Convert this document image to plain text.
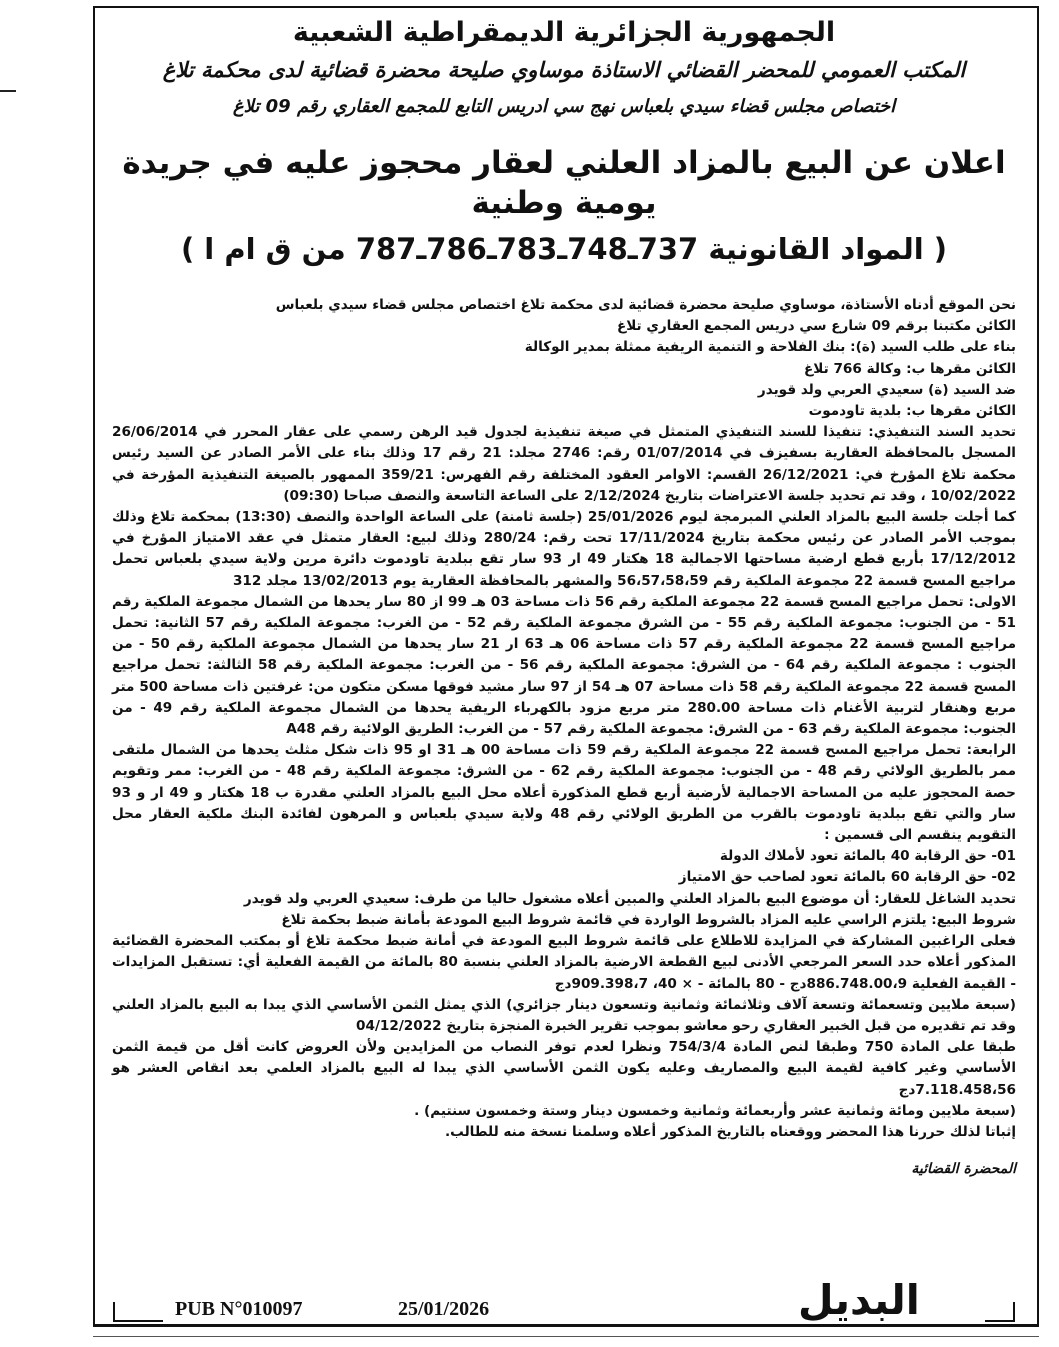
الجمهورية الجزائرية الديمقراطية الشعبية

المكتب العمومي للمحضر القضائي الاستاذة موساوي صليحة محضرة قضائية لدى محكمة تلاغ

اختصاص مجلس قضاء سيدي بلعباس نهج سي ادريس التابع للمجمع العقاري رقم 09 تلاغ

اعلان عن البيع بالمزاد العلني لعقار محجوز عليه في جريدة يومية وطنية

( المواد القانونية 737ـ748ـ783ـ786ـ787 من ق ام ا )

نحن الموقع أدناه الأستاذة، موساوي صليحة محضرة قضائية لدى محكمة تلاغ اختصاص مجلس قضاء سيدي بلعباس

الكائن مكتبنا برقم 09 شارع سي دريس المجمع العقاري تلاغ

بناء على طلب السيد (ة): بنك الفلاحة و التنمية الريفية ممثلة بمدير الوكالة

الكائن مقرها ب: وكالة 766 تلاغ

ضد السيد (ة) سعيدي العربي ولد قويدر

الكائن مقرها ب: بلدية تاودموت

تحديد السند التنفيذي: تنفيذا للسند التنفيذي المتمثل في صيغة تنفيذية لجدول قيد الرهن رسمي على عقار المحرر في 26/06/2014 المسجل بالمحافظة العقارية بسفيزف في 01/07/2014 رقم: 2746 مجلد: 21 رقم 17 وذلك بناء على الأمر الصادر عن السيد رئيس محكمة تلاغ المؤرخ في: 26/12/2021 القسم: الاوامر العقود المختلفة رقم الفهرس: 359/21 الممهور بالصيغة التنفيذية المؤرخة في 10/02/2022 ، وقد تم تحديد جلسة الاعتراضات بتاريخ 2/12/2024 على الساعة التاسعة والنصف صباحا (09:30)

كما أجلت جلسة البيع بالمزاد العلني المبرمجة ليوم 25/01/2026 (جلسة ثامنة) على الساعة الواحدة والنصف (13:30) بمحكمة تلاغ وذلك بموجب الأمر الصادر عن رئيس محكمة بتاريخ 17/11/2024 تحت رقم: 280/24 وذلك لبيع: العقار متمثل في عقد الامتياز المؤرخ في 17/12/2012 بأربع قطع ارضية مساحتها الاجمالية 18 هكتار 49 ار 93 سار تقع ببلدية تاودموت دائرة مرين ولاية سيدي بلعباس تحمل مراجيع المسح قسمة 22 مجموعة الملكية رقم 56،57،58،59 والمشهر بالمحافظة العقارية يوم 13/02/2013 مجلد 312

الاولى: تحمل مراجيع المسح قسمة 22 مجموعة الملكية رقم 56 ذات مساحة 03 هـ 99 از 80 سار يحدها من الشمال مجموعة الملكية رقم 51 - من الجنوب: مجموعة الملكية رقم 55 - من الشرق مجموعة الملكية رقم 52 - من الغرب: مجموعة الملكية رقم 57 الثانية: تحمل مراجيع المسح قسمة 22 مجموعة الملكية رقم 57 ذات مساحة 06 هـ 63 ار 21 سار يحدها من الشمال مجموعة الملكية رقم 50 - من الجنوب : مجموعة الملكية رقم 64 - من الشرق: مجموعة الملكية رقم 56 - من الغرب: مجموعة الملكية رقم 58 الثالثة: تحمل مراجيع المسح قسمة 22 مجموعة الملكية رقم 58 ذات مساحة 07 هـ 54 از 97 سار مشيد فوقها مسكن متكون من: غرفتين ذات مساحة 500 متر مربع وهنقار لتربية الأغنام ذات مساحة 280.00 متر مربع مزود بالكهرباء الريفية يحدها من الشمال مجموعة الملكية رقم 49 - من الجنوب: مجموعة الملكية رقم 63 - من الشرق: مجموعة الملكية رقم 57 - من الغرب: الطريق الولائية رقم A48

الرابعة: تحمل مراجيع المسح قسمة 22 مجموعة الملكية رقم 59 ذات مساحة 00 هـ 31 او 95 ذات شكل مثلث يحدها من الشمال ملتقى ممر بالطريق الولائي رقم 48 - من الجنوب: مجموعة الملكية رقم 62 - من الشرق: مجموعة الملكية رقم 48 - من الغرب: ممر وتقويم حصة المحجوز عليه من المساحة الاجمالية لأرضية أربع قطع المذكورة أعلاه محل البيع بالمزاد العلني مقدرة ب 18 هكتار و 49 ار و 93 سار والتي تقع ببلدية تاودموت بالقرب من الطريق الولائي رقم 48 ولاية سيدي بلعباس و المرهون لفائدة البنك ملكية العقار محل التقويم ينقسم الى قسمين :

01- حق الرقابة 40 بالمائة تعود لأملاك الدولة

02- حق الرقابة 60 بالمائة تعود لصاحب حق الامتياز

تحديد الشاغل للعقار: أن موضوع البيع بالمزاد العلني والمبين أعلاه مشغول حاليا من طرف: سعيدي العربي ولد قويدر

شروط البيع: يلتزم الراسي عليه المزاد بالشروط الواردة في قائمة شروط البيع المودعة بأمانة ضبط بحكمة تلاغ

فعلى الراغبين المشاركة في المزايدة للاطلاع على قائمة شروط البيع المودعة في أمانة ضبط محكمة تلاغ أو بمكتب المحضرة القضائية المذكور أعلاه حدد السعر المرجعي الأدنى لبيع القطعة الارضية بالمزاد العلني بنسبة 80 بالمائة من القيمة الفعلية أي: تستقبل المزايدات - القيمة الفعلية 886.748.00،9دج - 80 بالمائة - × 40، 909.398،7دج

(سبعة ملايين وتسعمائة وتسعة آلاف وثلاثمائة وثمانية وتسعون دينار جزائري) الذي يمثل الثمن الأساسي الذي يبدا به البيع بالمزاد العلني وقد تم تقديره من قبل الخبير العقاري رحو معاشو بموجب تقرير الخبرة المنجزة بتاريخ 04/12/2022

طبقا على المادة 750 وطبقا لنص المادة 754/3/4 ونظرا لعدم توفر النصاب من المزايدين ولأن العروض كانت أقل من قيمة الثمن الأساسي وغير كافية لقيمة البيع والمصاريف وعليه يكون الثمن الأساسي الذي يبدا له البيع بالمزاد العلمي بعد انقاص العشر هو 7.118.458،56دج

(سبعة ملايين ومائة وثمانية عشر وأربعمائة وثمانية وخمسون دينار وستة وخمسون سنتيم) .

إثباتا لذلك حررنا هذا المحضر ووقعناه بالتاريخ المذكور أعلاه وسلمنا نسخة منه للطالب.

المحضرة القضائية

البديل
25/01/2026
PUB N°010097
